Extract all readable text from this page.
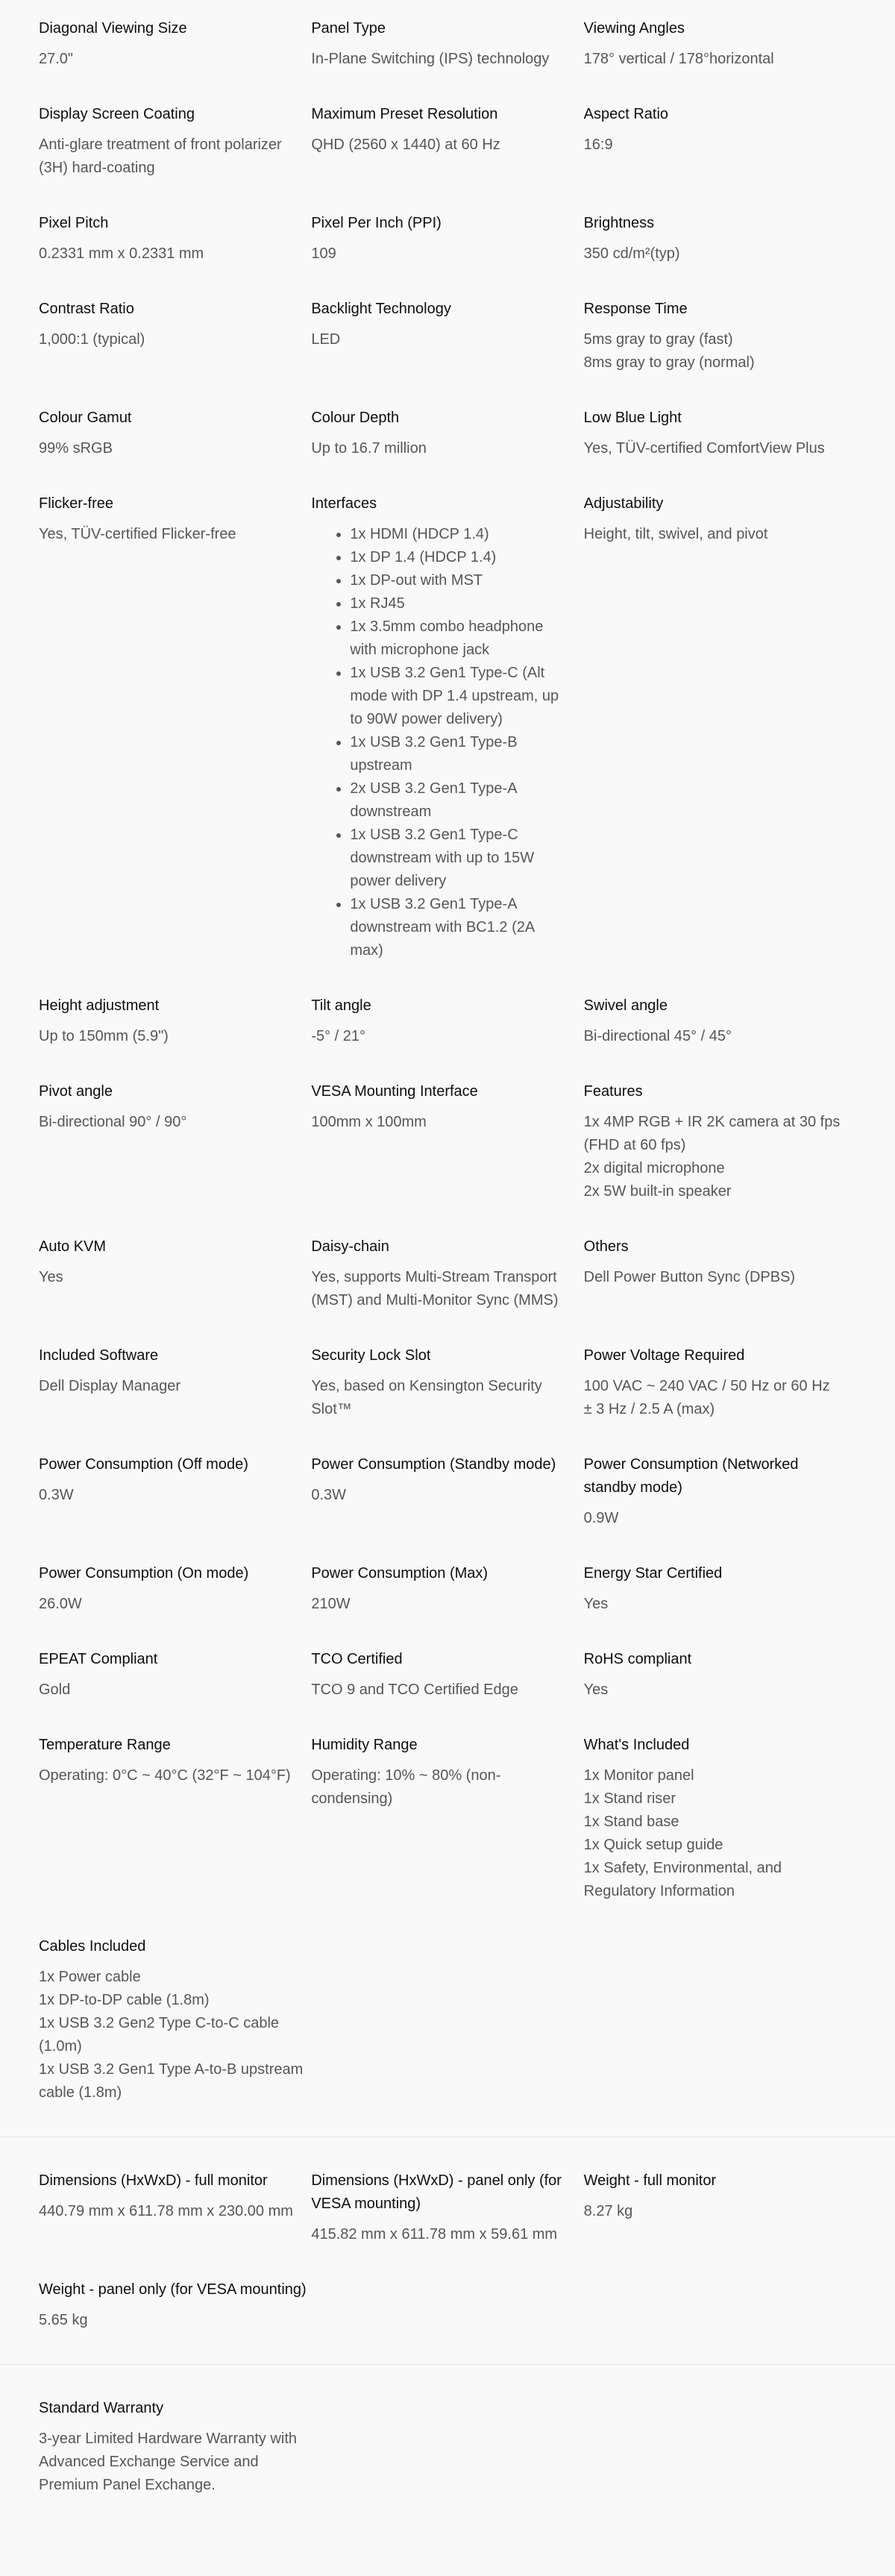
Diagonal Viewing Size
27.0"
Panel Type
In-Plane Switching (IPS) technology
Viewing Angles
178° vertical / 178°horizontal
Display Screen Coating
Anti-glare treatment of front polarizer (3H) hard-coating
Maximum Preset Resolution
QHD (2560 x 1440) at 60 Hz
Aspect Ratio
16:9
Pixel Pitch
0.2331 mm x 0.2331 mm
Pixel Per Inch (PPI)
109
Brightness
350 cd/m²(typ)
Contrast Ratio
1,000:1 (typical)
Backlight Technology
LED
Response Time
5ms gray to gray (fast)
8ms gray to gray (normal)
Colour Gamut
99% sRGB
Colour Depth
Up to 16.7 million
Low Blue Light
Yes, TÜV-certified ComfortView Plus
Flicker-free
Yes, TÜV-certified Flicker-free
Interfaces
• 1x HDMI (HDCP 1.4)
• 1x DP 1.4 (HDCP 1.4)
• 1x DP-out with MST
• 1x RJ45
• 1x 3.5mm combo headphone with microphone jack
• 1x USB 3.2 Gen1 Type-C (Alt mode with DP 1.4 upstream, up to 90W power delivery)
• 1x USB 3.2 Gen1 Type-B upstream
• 2x USB 3.2 Gen1 Type-A downstream
• 1x USB 3.2 Gen1 Type-C downstream with up to 15W power delivery
• 1x USB 3.2 Gen1 Type-A downstream with BC1.2 (2A max)
Adjustability
Height, tilt, swivel, and pivot
Height adjustment
Up to 150mm (5.9")
Tilt angle
-5° / 21°
Swivel angle
Bi-directional 45° / 45°
Pivot angle
Bi-directional 90° / 90°
VESA Mounting Interface
100mm x 100mm
Features
1x 4MP RGB + IR 2K camera at 30 fps (FHD at 60 fps)
2x digital microphone
2x 5W built-in speaker
Auto KVM
Yes
Daisy-chain
Yes, supports Multi-Stream Transport (MST) and Multi-Monitor Sync (MMS)
Others
Dell Power Button Sync (DPBS)
Included Software
Dell Display Manager
Security Lock Slot
Yes, based on Kensington Security Slot™
Power Voltage Required
100 VAC ~ 240 VAC / 50 Hz or 60 Hz ± 3 Hz / 2.5 A (max)
Power Consumption (Off mode)
0.3W
Power Consumption (Standby mode)
0.3W
Power Consumption (Networked standby mode)
0.9W
Power Consumption (On mode)
26.0W
Power Consumption (Max)
210W
Energy Star Certified
Yes
EPEAT Compliant
Gold
TCO Certified
TCO 9 and TCO Certified Edge
RoHS compliant
Yes
Temperature Range
Operating: 0°C ~ 40°C (32°F ~ 104°F)
Humidity Range
Operating: 10% ~ 80% (non-condensing)
What's Included
1x Monitor panel
1x Stand riser
1x Stand base
1x Quick setup guide
1x Safety, Environmental, and Regulatory Information
Cables Included
1x Power cable
1x DP-to-DP cable (1.8m)
1x USB 3.2 Gen2 Type C-to-C cable (1.0m)
1x USB 3.2 Gen1 Type A-to-B upstream cable (1.8m)
Dimensions (HxWxD) - full monitor
440.79 mm x 611.78 mm x 230.00 mm
Dimensions (HxWxD) - panel only (for VESA mounting)
415.82 mm x 611.78 mm x 59.61 mm
Weight - full monitor
8.27 kg
Weight - panel only (for VESA mounting)
5.65 kg
Standard Warranty
3-year Limited Hardware Warranty with Advanced Exchange Service and Premium Panel Exchange.
